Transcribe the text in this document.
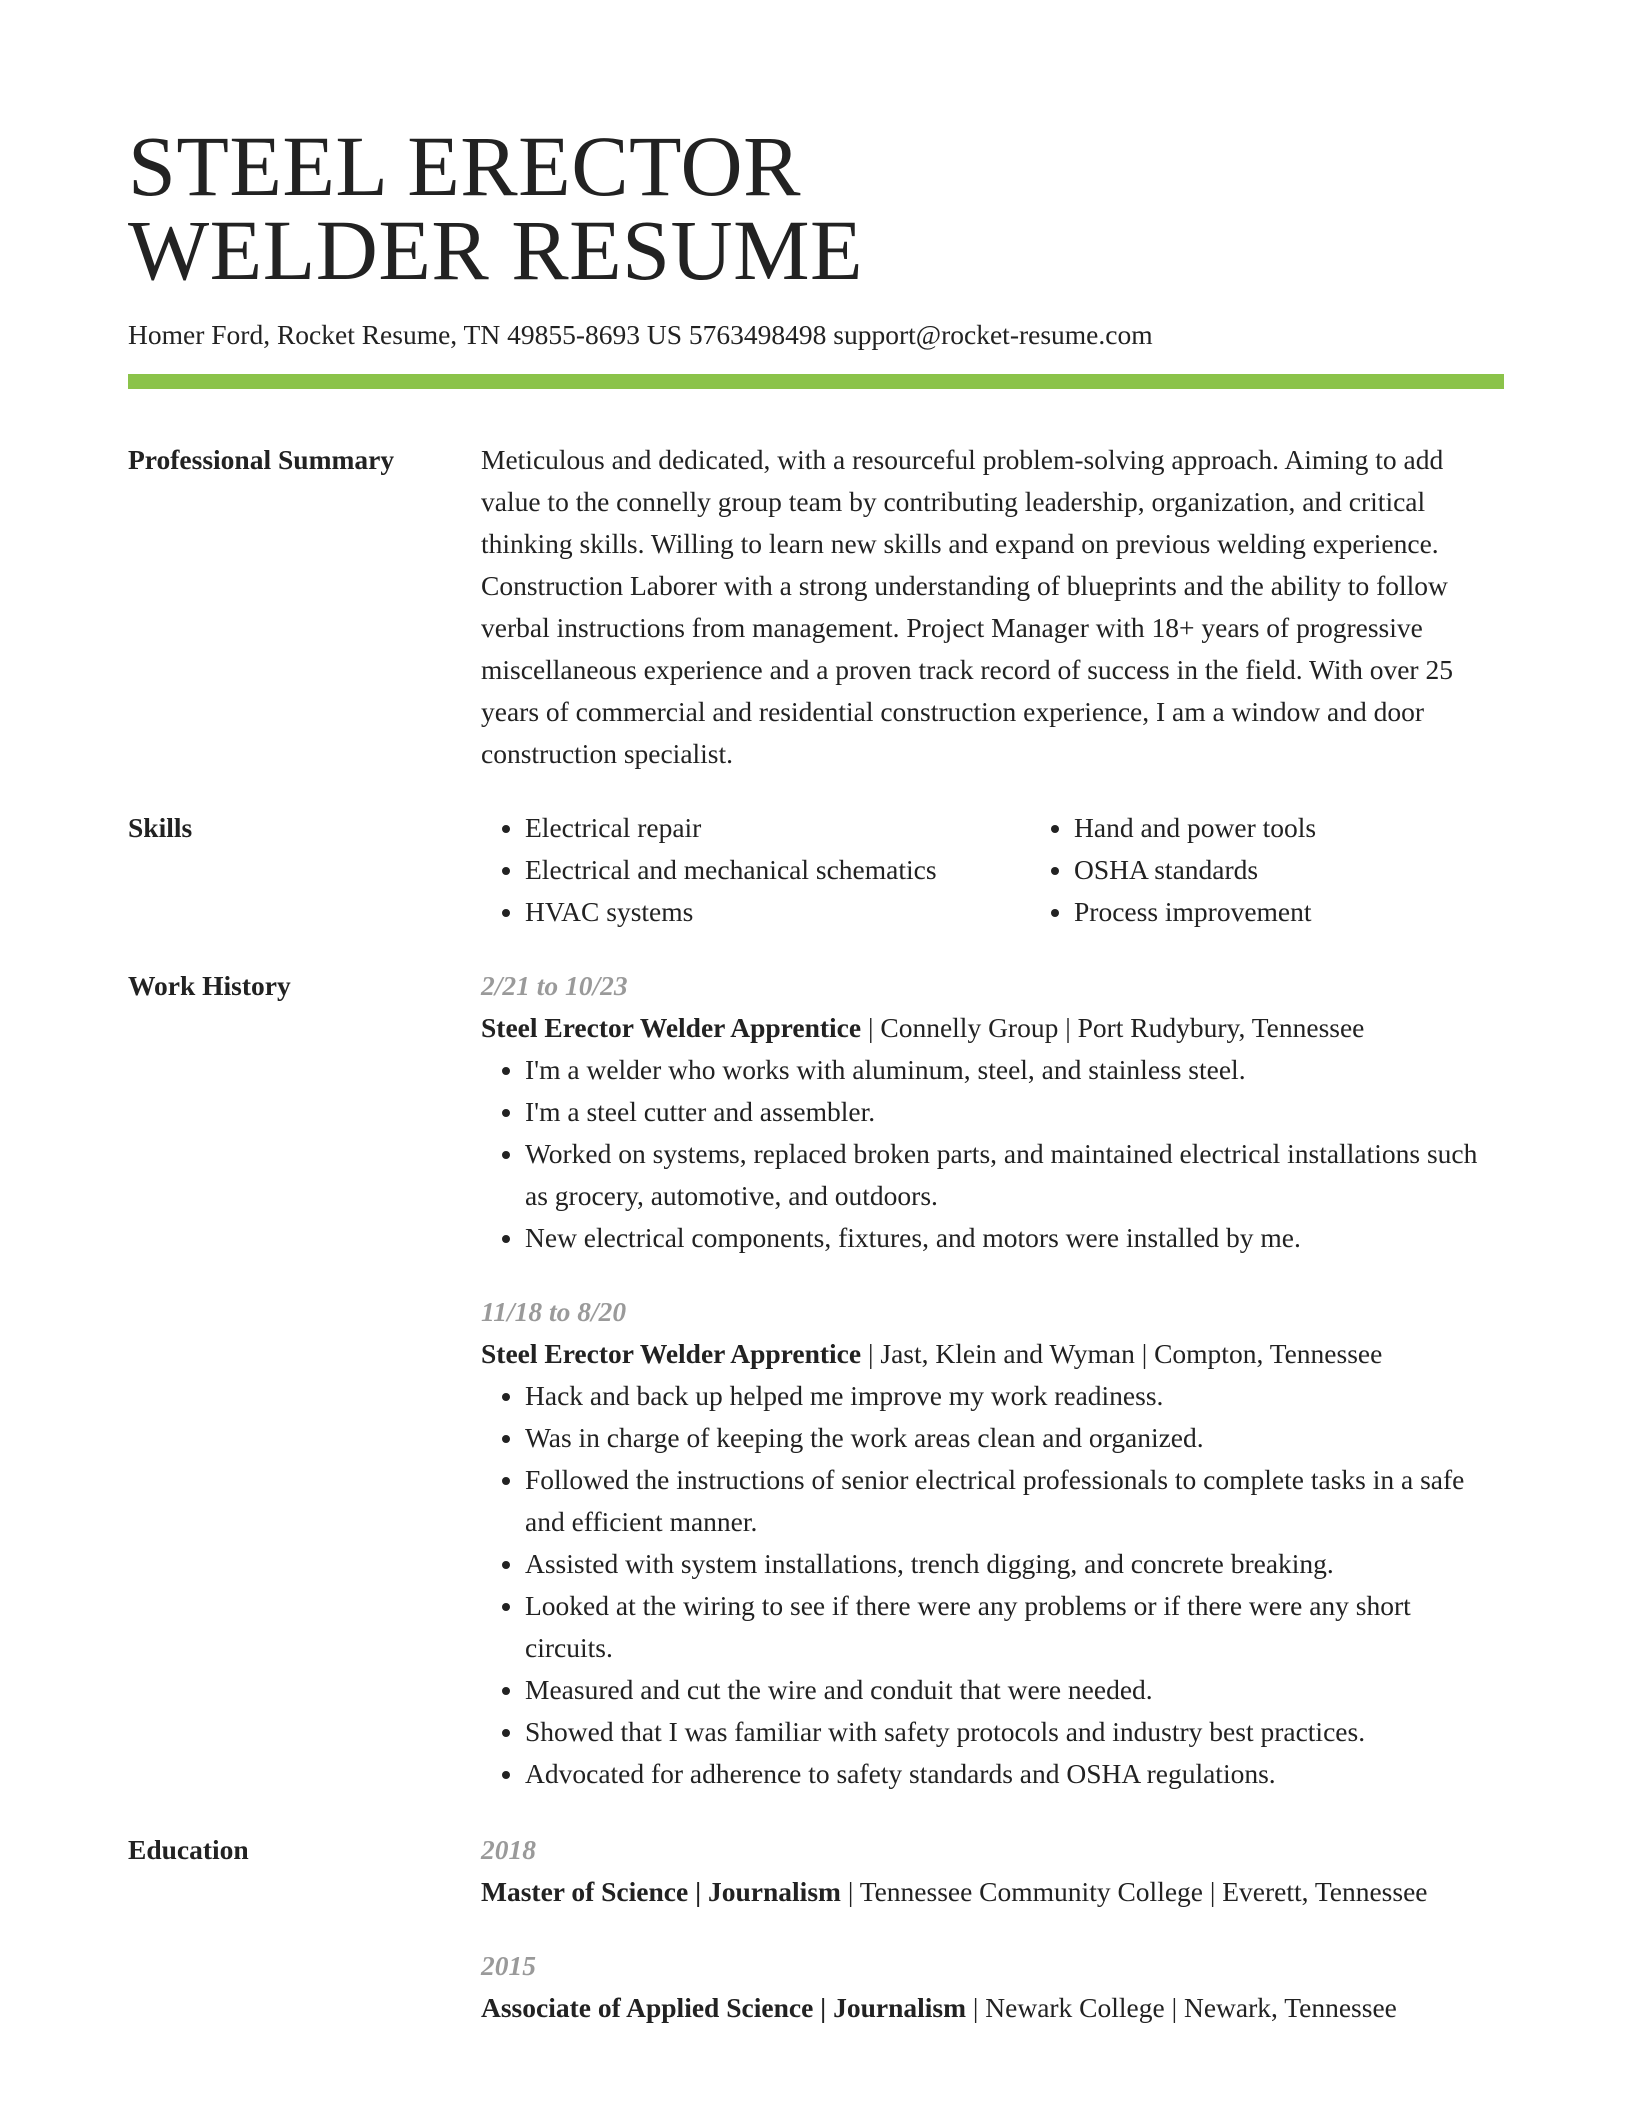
STEEL ERECTOR
WELDER RESUME
Homer Ford, Rocket Resume, TN 49855-8693 US 5763498498 support@rocket-resume.com
Professional Summary	Meticulous and dedicated, with a resourceful problem-solving approach. Aiming to add value to the connelly group team by contributing leadership, organization, and critical thinking skills. Willing to learn new skills and expand on previous welding experience. Construction Laborer with a strong understanding of blueprints and the ability to follow verbal instructions from management. Project Manager with 18+ years of progressive miscellaneous experience and a proven track record of success in the field. With over 25 years of commercial and residential construction experience, I am a window and door construction specialist.
Skills
•	Electrical repair
• Electrical and mechanical schematics
• HVAC systems
• Hand and power tools
• OSHA standards
• Process improvement
Work History	2/21 to 10/23
Steel Erector Welder Apprentice | Connelly Group | Port Rudybury, Tennessee
• I'm a welder who works with aluminum, steel, and stainless steel.
• I'm a steel cutter and assembler.
• Worked on systems, replaced broken parts, and maintained electrical installations such as grocery, automotive, and outdoors.
• New electrical components, fixtures, and motors were installed by me.
11/18 to 8/20
Steel Erector Welder Apprentice | Jast, Klein and Wyman | Compton, Tennessee
• Hack and back up helped me improve my work readiness.
• Was in charge of keeping the work areas clean and organized.
• Followed the instructions of senior electrical professionals to complete tasks in a safe and efficient manner.
• Assisted with system installations, trench digging, and concrete breaking.
• Looked at the wiring to see if there were any problems or if there were any short circuits.
• Measured and cut the wire and conduit that were needed.
• Showed that I was familiar with safety protocols and industry best practices.
• Advocated for adherence to safety standards and OSHA regulations.
Education	2018
Master of Science | Journalism | Tennessee Community College | Everett, Tennessee
2015
Associate of Applied Science | Journalism | Newark College | Newark, Tennessee
